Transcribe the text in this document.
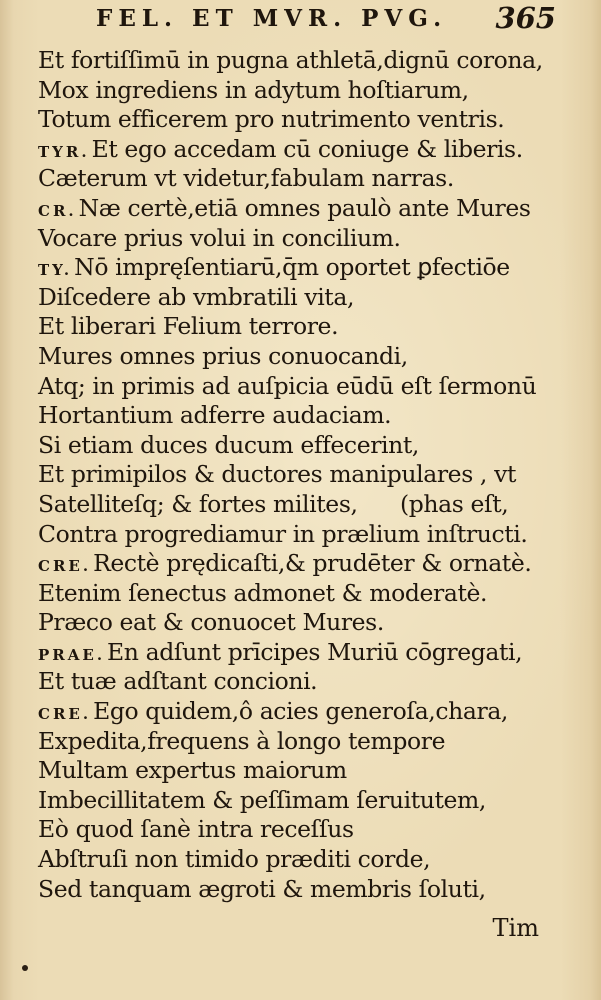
FEL. ET MVR. PVG. 365
Et fortiſſimū in pugna athletā,dignū corona,
Mox ingrediens in adytum hoſtiarum,
Totum efficerem pro nutrimento ventris.
TYR.Et ego accedam cū coniuge & liberis.
Cæterum vt videtur,fabulam narras.
CR.Næ certè,etiā omnes paulò ante Mures
Vocare prius volui in concilium.
TY.Nō impręſentiarū,q̄m oportet ꝑfectiōe
Diſcedere ab vmbratili vita,
Et liberari Felium terrore.
Mures omnes prius conuocandi,
Atq; in primis ad auſpicia eūdū eſt ſermonū
Hortantium adferre audaciam.
Si etiam duces ducum effecerint,
Et primipilos & ductores manipulares , vt
Satelliteſq; & fortes milites,      (phas eſt,
Contra progrediamur in prælium inſtructi.
CRE.Rectè prędicaſti,& prudēter & ornatè.
Etenim ſenectus admonet & moderatè.
Præco eat & conuocet Mures.
PRAE.En adſunt prīcipes Muriū cōgregati,
Et tuæ adſtant concioni.
CRE.Ego quidem,ô acies generoſa,chara,
Expedita,frequens à longo tempore
Multam expertus maiorum
Imbecillitatem & peſſimam ſeruitutem,
Eò quod ſanè intra receſſus
Abſtruſi non timido præditi corde,
Sed tanquam ægroti & membris ſoluti,
Tim
